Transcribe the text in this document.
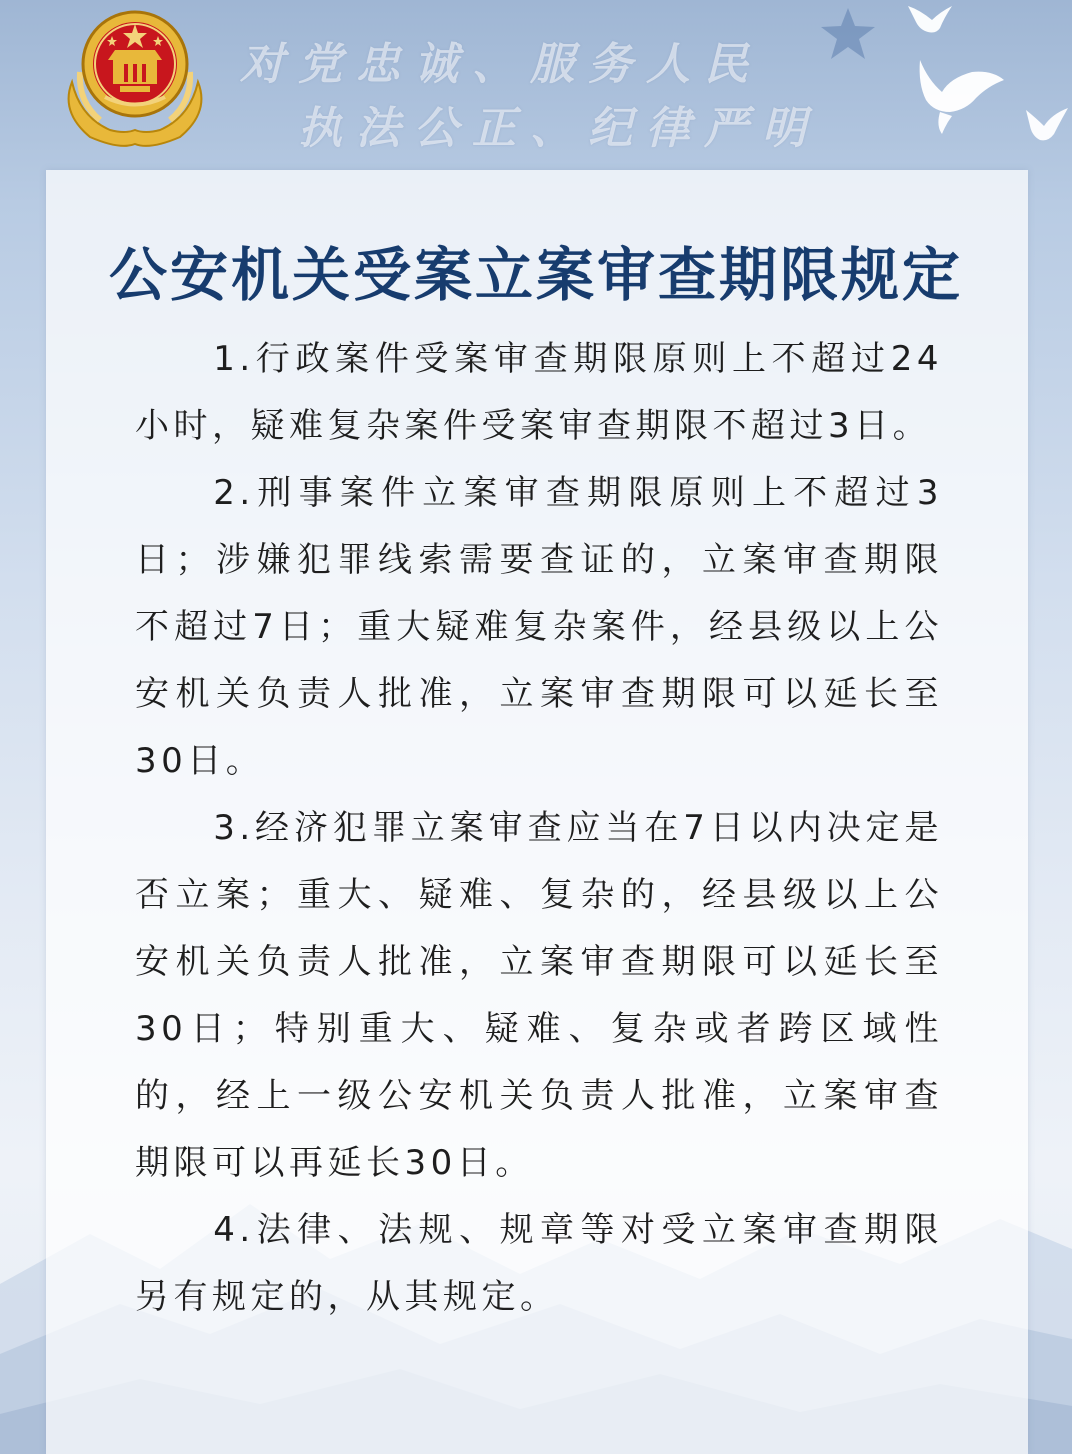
对党忠诚、服务人民
执法公正、纪律严明
公安机关受案立案审查期限规定

1.行政案件受案审查期限原则上不超过24小时，疑难复杂案件受案审查期限不超过3日。

2.刑事案件立案审查期限原则上不超过3日；涉嫌犯罪线索需要查证的，立案审查期限不超过7日；重大疑难复杂案件，经县级以上公安机关负责人批准，立案审查期限可以延长至30日。

3.经济犯罪立案审查应当在7日以内决定是否立案；重大、疑难、复杂的，经县级以上公安机关负责人批准，立案审查期限可以延长至30日；特别重大、疑难、复杂或者跨区域性的，经上一级公安机关负责人批准，立案审查期限可以再延长30日。

4.法律、法规、规章等对受立案审查期限另有规定的，从其规定。
